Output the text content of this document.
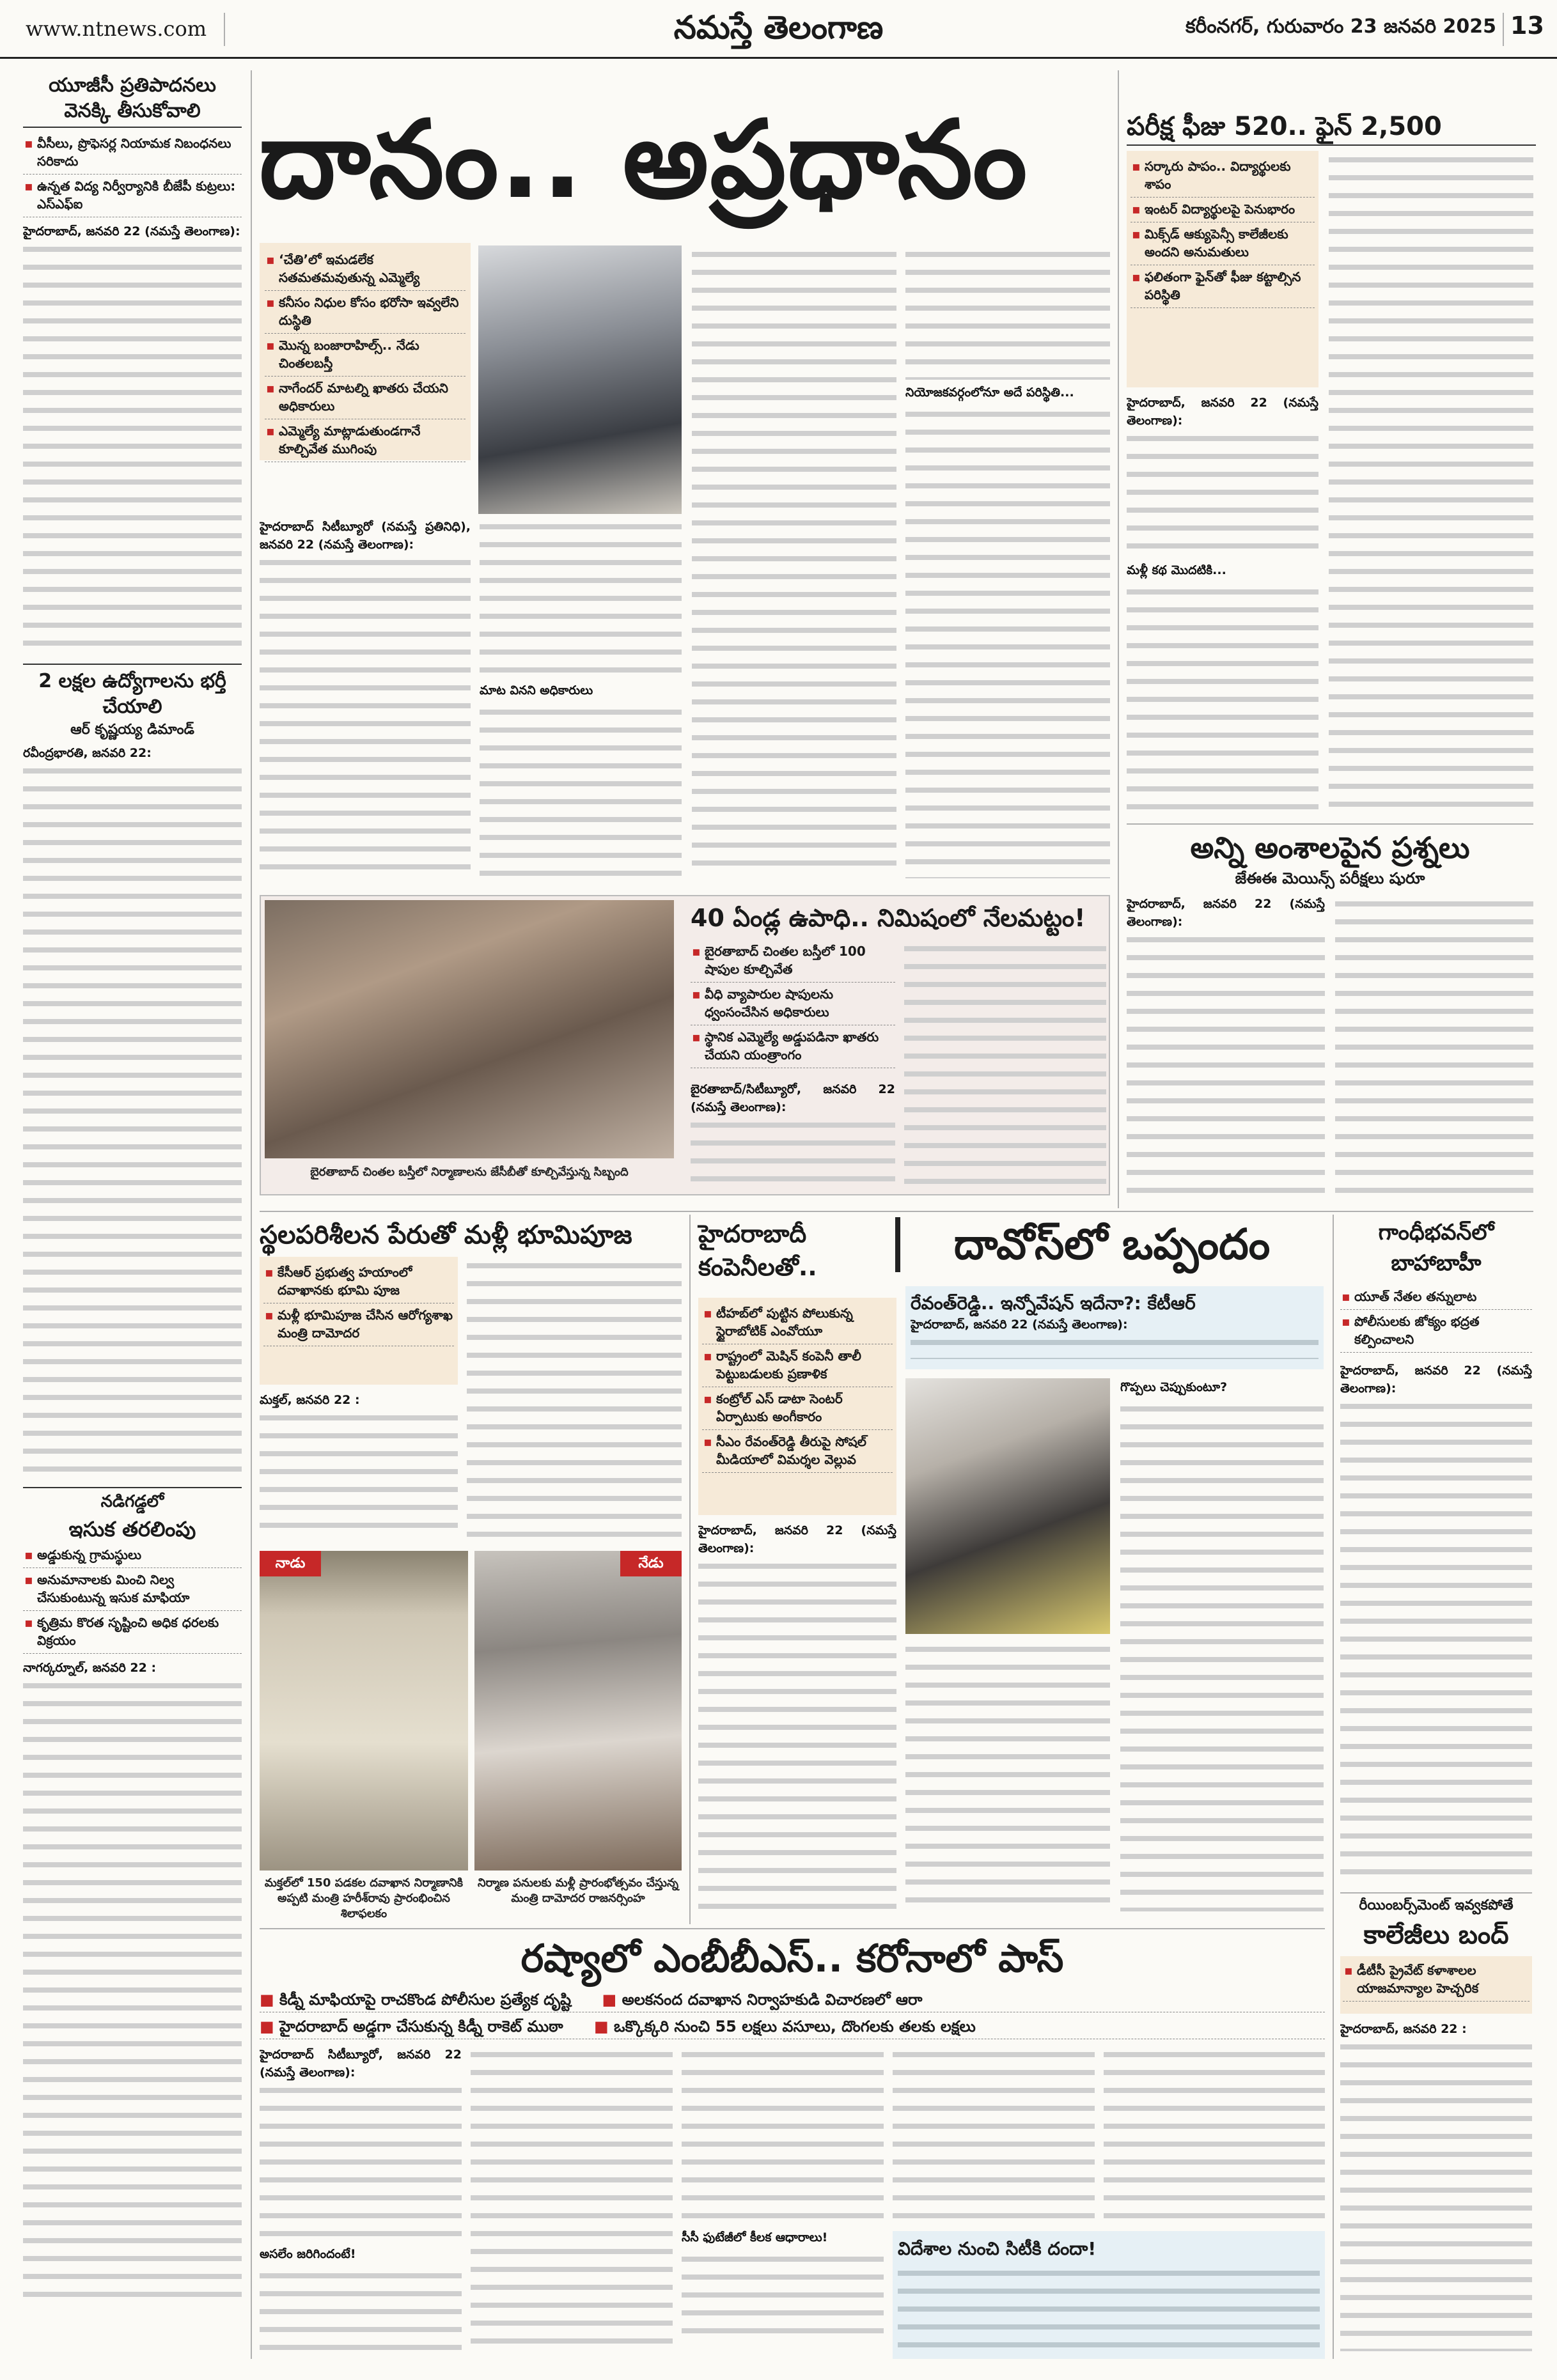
www.ntnews.com	నమస్తే తెలంగాణ	కరీంనగర్, గురువారం 23 జనవరి 2025 13
యూజీసీ ప్రతిపాదనలు వెనక్కి తీసుకోవాలి
▪ వీసీలు, ప్రొఫెసర్ల నియామక నిబంధనలు సరికాదు
▪ ఉన్నత విద్య నిర్వీర్యానికి బీజేపీ కుట్రలు: ఎస్ఎఫ్ఐ
హైదరాబాద్, జనవరి 22 (నమస్తే తెలంగాణ):
2 లక్షల ఉద్యోగాలను భర్తీ చేయాలి
ఆర్ కృష్ణయ్య డిమాండ్
రవీంద్రభారతి, జనవరి 22:
నడిగడ్డలో
ఇసుక తరలింపు
▪ అడ్డుకున్న గ్రామస్థులు
▪ అనుమానాలకు మించి నిల్వ చేసుకుంటున్న ఇసుక మాఫియా
▪ కృత్రిమ కొరత సృష్టించి అధిక ధరలకు విక్రయం
నాగర్కర్నూల్, జనవరి 22 :
దానం.. అప్రధానం
▪ ‘చేతి’లో ఇమడలేక సతమతమవుతున్న ఎమ్మెల్యే
▪ కనీసం నిధుల కోసం భరోసా ఇవ్వలేని దుస్థితి
▪ మొన్న బంజారాహిల్స్.. నేడు చింతలబస్తీ
▪ నాగేందర్ మాటల్ని ఖాతరు చేయని అధికారులు
▪ ఎమ్మెల్యే మాట్లాడుతుండగానే కూల్చివేత ముగింపు
హైదరాబాద్ సిటీబ్యూరో (నమస్తే ప్రతినిధి), జనవరి 22 (నమస్తే తెలంగాణ):
మాట వినని అధికారులు
నియోజకవర్గంలోనూ అదే పరిస్థితి...
బైరతాబాద్ చింతల బస్తీలో నిర్మాణాలను జేసీబీతో కూల్చివేస్తున్న సిబ్బంది
40 ఏండ్ల ఉపాధి.. నిమిషంలో నేలమట్టం!
▪ బైరతాబాద్ చింతల బస్తీలో 100 షాపుల కూల్చివేత
▪ వీధి వ్యాపారుల షాపులను ధ్వంసంచేసిన అధికారులు
▪ స్థానిక ఎమ్మెల్యే అడ్డుపడినా ఖాతరు చేయని యంత్రాంగం
బైరతాబాద్/సిటీబ్యూరో, జనవరి 22 (నమస్తే తెలంగాణ):
పరీక్ష ఫీజు 520.. ఫైన్ 2,500
▪ సర్కారు పాపం.. విద్యార్థులకు శాపం
▪ ఇంటర్ విద్యార్థులపై పెనుభారం
▪ మిక్స్‌డ్ ఆక్యుపెన్సీ కాలేజీలకు అందని అనుమతులు
▪ ఫలితంగా ఫైన్‌తో ఫీజు కట్టాల్సిన పరిస్థితి
హైదరాబాద్, జనవరి 22 (నమస్తే తెలంగాణ):
మళ్లీ కథ మొదటికి...
అన్ని అంశాలపైన ప్రశ్నలు
జేఈఈ మెయిన్స్ పరీక్షలు షురూ
హైదరాబాద్, జనవరి 22 (నమస్తే తెలంగాణ):
స్థలపరిశీలన పేరుతో మళ్లీ భూమిపూజ
▪ కేసీఆర్ ప్రభుత్వ హయాంలో దవాఖానకు భూమి పూజ
▪ మళ్లీ భూమిపూజ చేసిన ఆరోగ్యశాఖ మంత్రి దామోదర
మక్తల్, జనవరి 22 :
నాడు	నేడు
మక్తల్‌లో 150 పడకల దవాఖాన నిర్మాణానికి అప్పటి మంత్రి హరీశ్‌రావు ప్రారంభించిన శిలాఫలకం
నిర్మాణ పనులకు మళ్లీ ప్రారంభోత్సవం చేస్తున్న మంత్రి దామోదర రాజనర్సింహ
హైదరాబాదీ కంపెనీలతో..
▪ టీహబ్‌లో పుట్టిన పోలుకున్న స్టైరాబోటిక్ ఎంవోయూ
▪ రాష్ట్రంలో మెషిన్ కంపెనీ తాలీ పెట్టుబడులకు ప్రణాళిక
▪ కంట్రోల్ ఎస్ డాటా సెంటర్ ఏర్పాటుకు అంగీకారం
▪ సీఎం రేవంత్‌రెడ్డి తీరుపై సోషల్ మీడియాలో విమర్శల వెల్లువ
హైదరాబాద్, జనవరి 22 (నమస్తే తెలంగాణ):
దావోస్‌లో ఒప్పందం
రేవంత్‌రెడ్డి.. ఇన్నోవేషన్ ఇదేనా?: కేటీఆర్
హైదరాబాద్, జనవరి 22 (నమస్తే తెలంగాణ):
గొప్పలు చెప్పుకుంటూ?
గాంధీభవన్‌లో బాహాబాహీ
▪ యూత్ నేతల తన్నులాట
▪ పోలీసులకు జోక్యం భద్రత కల్పించాలని
హైదరాబాద్, జనవరి 22 (నమస్తే తెలంగాణ):
రీయింబర్స్‌మెంట్ ఇవ్వకపోతే
కాలేజీలు బంద్
▪ డీటీసీ ప్రైవేట్ కళాశాలల యాజమాన్యాల హెచ్చరిక
హైదరాబాద్, జనవరి 22 :
రష్యాలో ఎంబీబీఎస్.. కరోనాలో పాస్
■ కిడ్నీ మాఫియాపై రాచకొండ పోలీసుల ప్రత్యేక దృష్టి ■ అలకనంద దవాఖాన నిర్వాహకుడి విచారణలో ఆరా
■ హైదరాబాద్ అడ్డగా చేసుకున్న కిడ్నీ రాకెట్ ముఠా ■ ఒక్కొక్కరి నుంచి 55 లక్షలు వసూలు, దొంగలకు తలకు లక్షలు
హైదరాబాద్ సిటీబ్యూరో, జనవరి 22 (నమస్తే తెలంగాణ):
అసలేం జరిగిందంటే!
సీసీ ఫుటేజీలో కీలక ఆధారాలు!
విదేశాల నుంచి సిటీకి దందా!
